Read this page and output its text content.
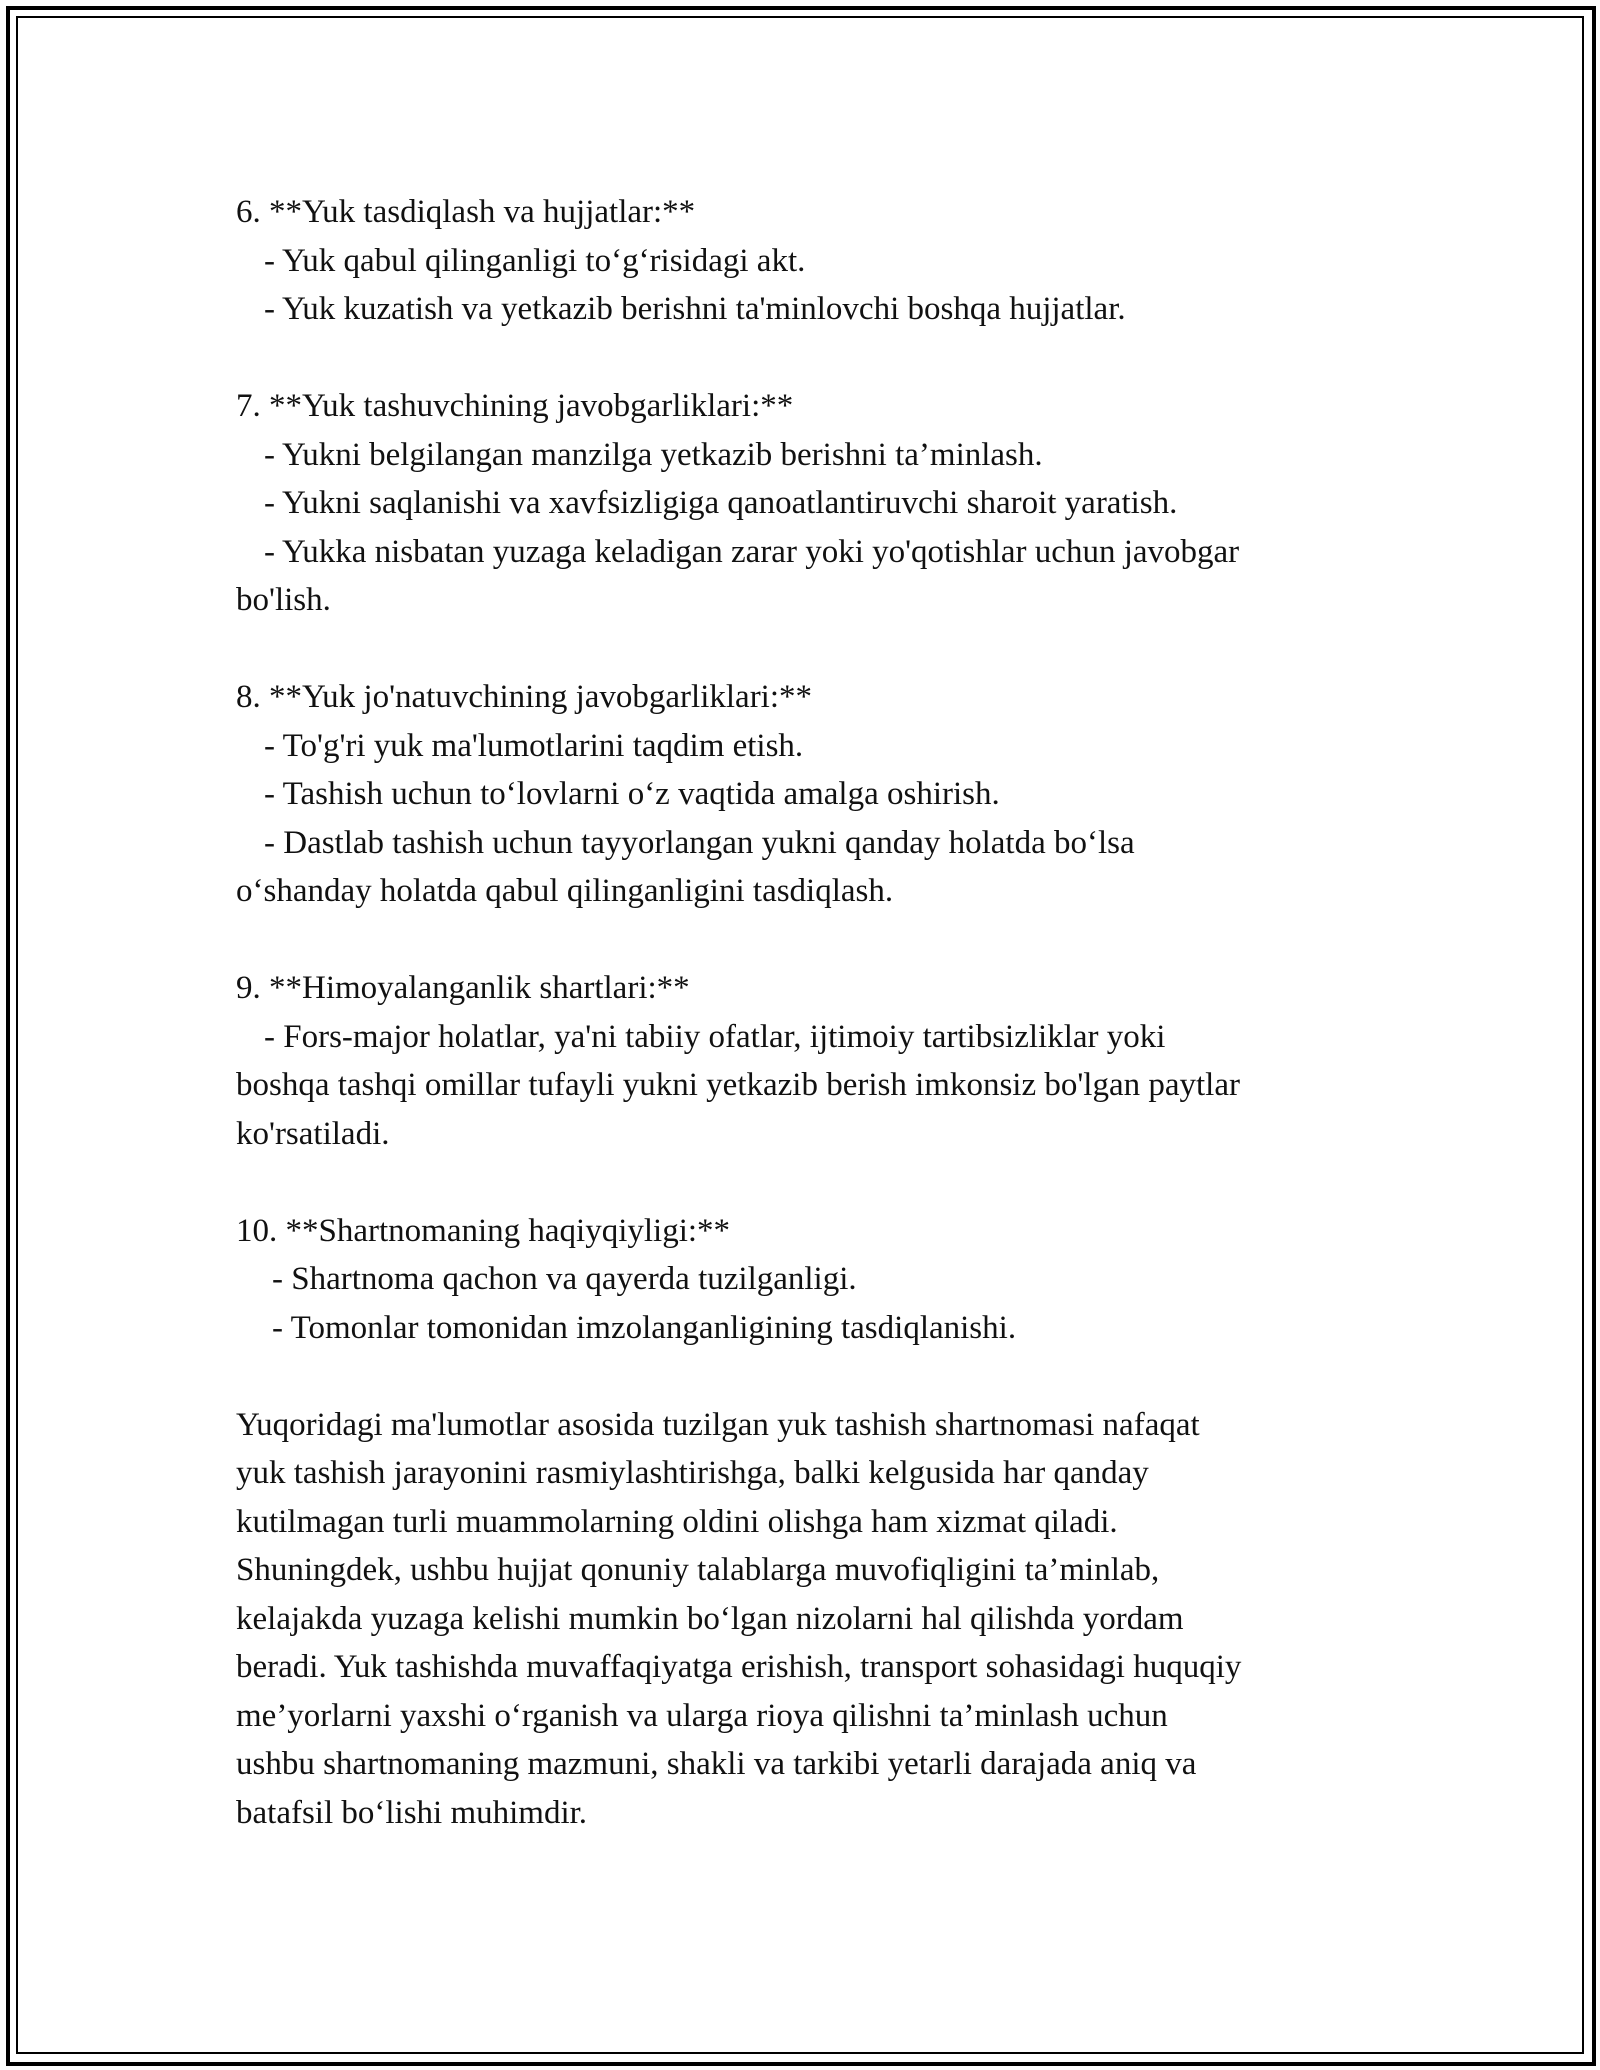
6. **Yuk tasdiqlash va hujjatlar:**
- Yuk qabul qilinganligi to‘g‘risidagi akt.
- Yuk kuzatish va yetkazib berishni ta'minlovchi boshqa hujjatlar.
7. **Yuk tashuvchining javobgarliklari:**
- Yukni belgilangan manzilga yetkazib berishni ta’minlash.
- Yukni saqlanishi va xavfsizligiga qanoatlantiruvchi sharoit yaratish.
- Yukka nisbatan yuzaga keladigan zarar yoki yo'qotishlar uchun javobgar
bo'lish.
8. **Yuk jo'natuvchining javobgarliklari:**
- To'g'ri yuk ma'lumotlarini taqdim etish.
- Tashish uchun to‘lovlarni o‘z vaqtida amalga oshirish.
- Dastlab tashish uchun tayyorlangan yukni qanday holatda bo‘lsa
o‘shanday holatda qabul qilinganligini tasdiqlash.
9. **Himoyalanganlik shartlari:**
- Fors-major holatlar, ya'ni tabiiy ofatlar, ijtimoiy tartibsizliklar yoki
boshqa tashqi omillar tufayli yukni yetkazib berish imkonsiz bo'lgan paytlar
ko'rsatiladi.
10. **Shartnomaning haqiyqiyligi:**
- Shartnoma qachon va qayerda tuzilganligi.
- Tomonlar tomonidan imzolanganligining tasdiqlanishi.
Yuqoridagi ma'lumotlar asosida tuzilgan yuk tashish shartnomasi nafaqat
yuk tashish jarayonini rasmiylashtirishga, balki kelgusida har qanday
kutilmagan turli muammolarning oldini olishga ham xizmat qiladi.
Shuningdek, ushbu hujjat qonuniy talablarga muvofiqligini ta’minlab,
kelajakda yuzaga kelishi mumkin bo‘lgan nizolarni hal qilishda yordam
beradi. Yuk tashishda muvaffaqiyatga erishish, transport sohasidagi huquqiy
me’yorlarni yaxshi o‘rganish va ularga rioya qilishni ta’minlash uchun
ushbu shartnomaning mazmuni, shakli va tarkibi yetarli darajada aniq va
batafsil bo‘lishi muhimdir.
